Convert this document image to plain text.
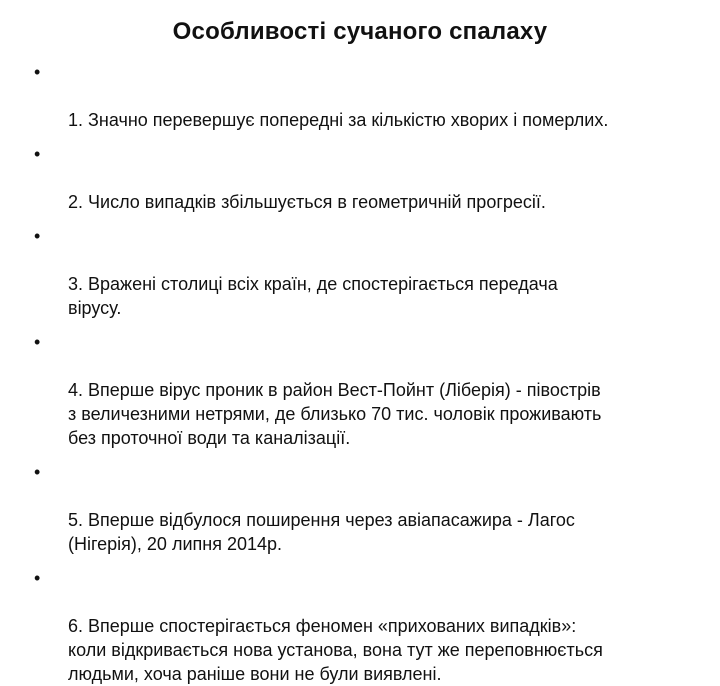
Особливості сучаного спалаху

•

1. Значно перевершує попередні за кількістю хворих і померлих.

•

2. Число випадків збільшується в геометричній прогресії.

•

3. Вражені столиці всіх країн, де спостерігається передача
вірусу.

•

4. Вперше вірус проник в район Вест-Пойнт (Ліберія) - півострів
з величезними нетрями, де близько 70 тис. чоловік проживають
без проточної води та каналізації.

•

5. Вперше відбулося поширення через авіапасажира - Лагос
(Нігерія), 20 липня 2014р.

•

6. Вперше спостерігається феномен «прихованих випадків»:
коли відкривається нова установа, вона тут же переповнюється
людьми, хоча раніше вони не були виявлені.
